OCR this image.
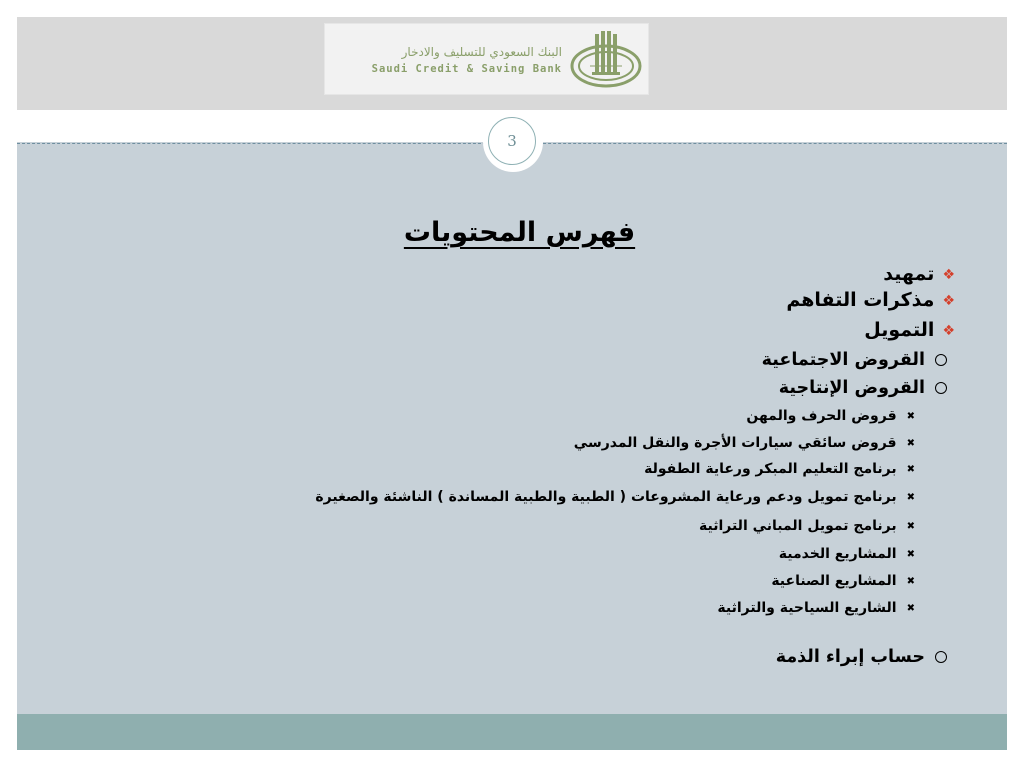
البنك السعودي للتسليف والادخار
Saudi Credit & Saving Bank
3
فهرس المحتويات
❖تمهيد
❖مذكرات التفاهم
❖التمويل
القروض الاجتماعية
القروض الإنتاجية
✖قروض الحرف والمهن
✖قروض سائقي سيارات الأجرة والنقل المدرسي
✖برنامج التعليم المبكر ورعاية الطفولة
✖برنامج تمويل ودعم ورعاية المشروعات ( الطبية والطبية المساندة ) الناشئة والصغيرة
✖برنامج تمويل المباني التراثية
✖المشاريع الخدمية
✖المشاريع الصناعية
✖الشاريع السياحية والتراثية
حساب إبراء الذمة
